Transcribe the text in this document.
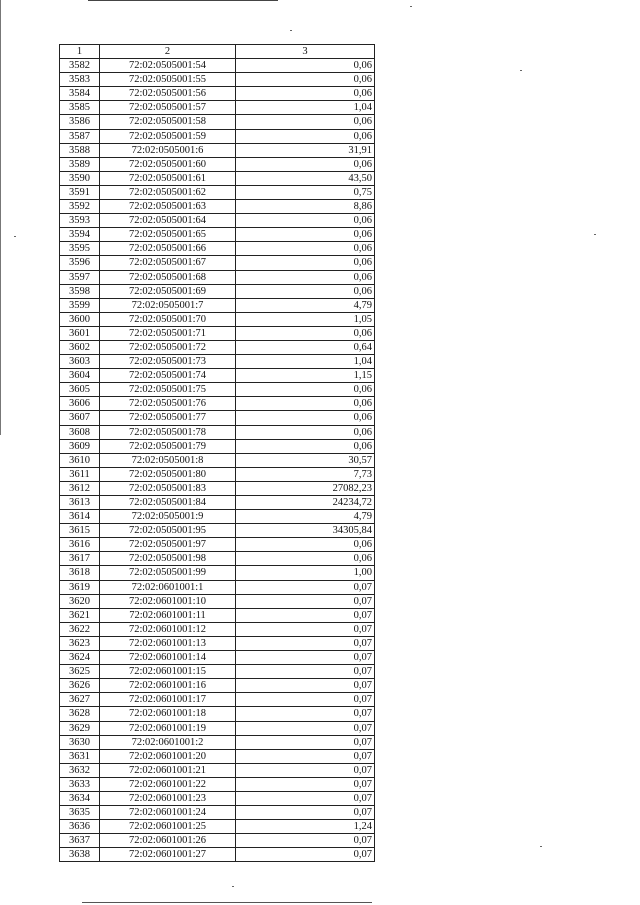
1	2	3
3582	72:02:0505001:54	0,06
3583	72:02:0505001:55	0,06
3584	72:02:0505001:56	0,06
3585	72:02:0505001:57	1,04
3586	72:02:0505001:58	0,06
3587	72:02:0505001:59	0,06
3588	72:02:0505001:6	31,91
3589	72:02:0505001:60	0,06
3590	72:02:0505001:61	43,50
3591	72:02:0505001:62	0,75
3592	72:02:0505001:63	8,86
3593	72:02:0505001:64	0,06
3594	72:02:0505001:65	0,06
3595	72:02:0505001:66	0,06
3596	72:02:0505001:67	0,06
3597	72:02:0505001:68	0,06
3598	72:02:0505001:69	0,06
3599	72:02:0505001:7	4,79
3600	72:02:0505001:70	1,05
3601	72:02:0505001:71	0,06
3602	72:02:0505001:72	0,64
3603	72:02:0505001:73	1,04
3604	72:02:0505001:74	1,15
3605	72:02:0505001:75	0,06
3606	72:02:0505001:76	0,06
3607	72:02:0505001:77	0,06
3608	72:02:0505001:78	0,06
3609	72:02:0505001:79	0,06
3610	72:02:0505001:8	30,57
3611	72:02:0505001:80	7,73
3612	72:02:0505001:83	27082,23
3613	72:02:0505001:84	24234,72
3614	72:02:0505001:9	4,79
3615	72:02:0505001:95	34305,84
3616	72:02:0505001:97	0,06
3617	72:02:0505001:98	0,06
3618	72:02:0505001:99	1,00
3619	72:02:0601001:1	0,07
3620	72:02:0601001:10	0,07
3621	72:02:0601001:11	0,07
3622	72:02:0601001:12	0,07
3623	72:02:0601001:13	0,07
3624	72:02:0601001:14	0,07
3625	72:02:0601001:15	0,07
3626	72:02:0601001:16	0,07
3627	72:02:0601001:17	0,07
3628	72:02:0601001:18	0,07
3629	72:02:0601001:19	0,07
3630	72:02:0601001:2	0,07
3631	72:02:0601001:20	0,07
3632	72:02:0601001:21	0,07
3633	72:02:0601001:22	0,07
3634	72:02:0601001:23	0,07
3635	72:02:0601001:24	0,07
3636	72:02:0601001:25	1,24
3637	72:02:0601001:26	0,07
3638	72:02:0601001:27	0,07
